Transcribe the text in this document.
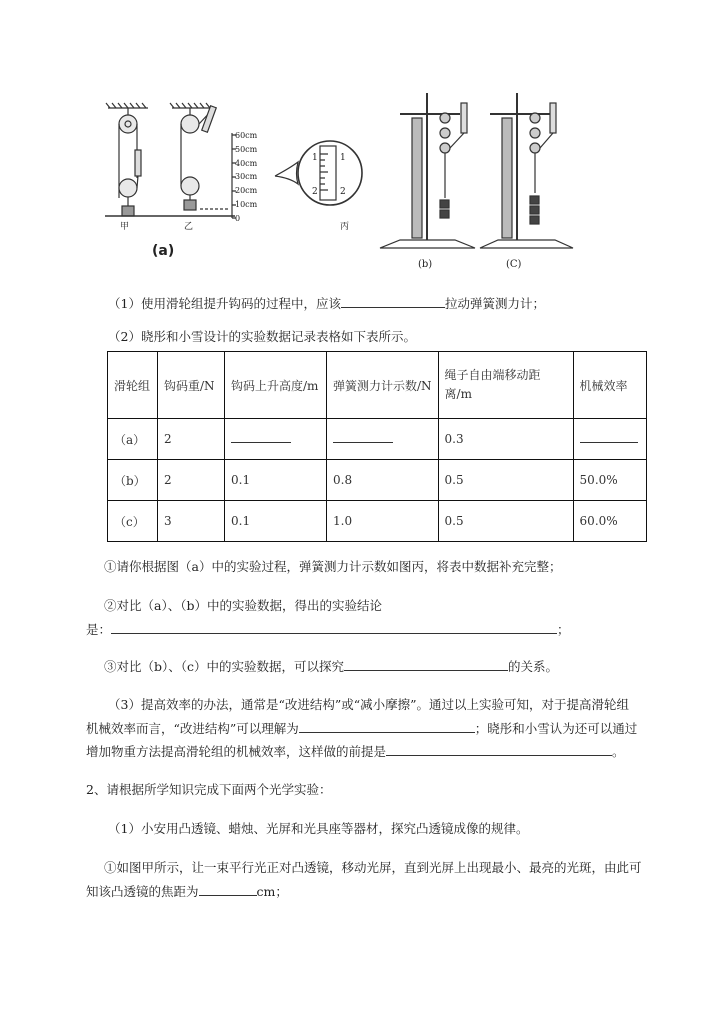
60cm
50cm
40cm
30cm
20cm
10cm
0
1 1
2 2
甲	乙	丙
(a)
(b)	(C)
（1）使用滑轮组提升钩码的过程中，应该	拉动弹簧测力计；
（2）晓彤和小雪设计的实验数据记录表格如下表所示。
滑轮组	钩码重/N	钩码上升高度/m	弹簧测力计示数/N	绳子自由端移动距离/m	机械效率
（a）	2			0.3	
（b）	2	0.1	0.8	0.5	50.0%
（c）	3	0.1	1.0	0.5	60.0%
①请你根据图（a）中的实验过程，弹簧测力计示数如图丙，将表中数据补充完整；
②对比（a）、（b）中的实验数据，得出的实验结论
是：	；
③对比（b）、（c）中的实验数据，可以探究	的关系。
（3）提高效率的办法，通常是“改进结构”或“减小摩擦”。通过以上实验可知，对于提高滑轮组
机械效率而言，“改进结构”可以理解为	；晓彤和小雪认为还可以通过
增加物重方法提高滑轮组的机械效率，这样做的前提是	。
2、请根据所学知识完成下面两个光学实验：
（1）小安用凸透镜、蜡烛、光屏和光具座等器材，探究凸透镜成像的规律。
①如图甲所示，让一束平行光正对凸透镜，移动光屏，直到光屏上出现最小、最亮的光斑，由此可
知该凸透镜的焦距为	cm；
